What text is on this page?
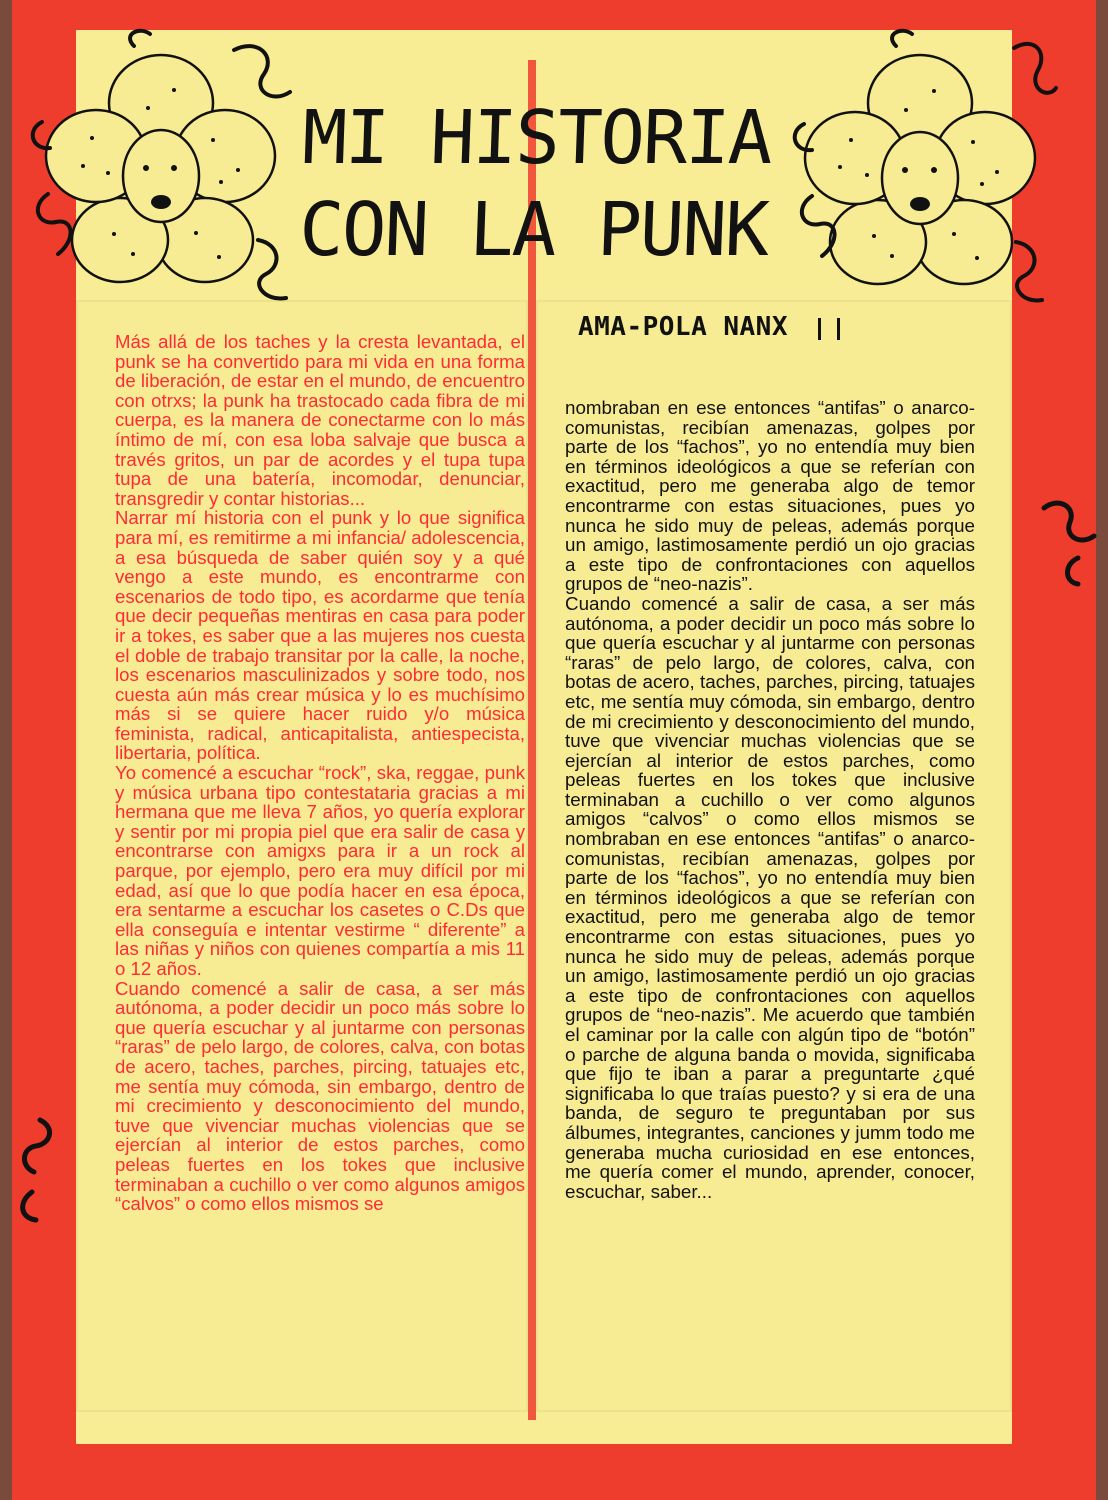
MI HISTORIA
CON LA PUNK
AMA-POLA NANX

Más allá de los taches y la cresta levantada, el punk se ha convertido para mi vida en una forma de liberación, de estar en el mundo, de encuentro con otrxs; la punk ha trastocado cada fibra de mi cuerpa, es la manera de conectarme con lo más íntimo de mí, con esa loba salvaje que busca a través gritos, un par de acordes y el tupa tupa tupa de una batería, incomodar, denunciar, transgredir y contar historias...

Narrar mí historia con el punk y lo que significa para mí, es remitirme a mi infancia/ adolescencia, a esa búsqueda de saber quién soy y a qué vengo a este mundo, es encontrarme con escenarios de todo tipo, es acordarme que tenía que decir pequeñas mentiras en casa para poder ir a tokes, es saber que a las mujeres nos cuesta el doble de trabajo transitar por la calle, la noche, los escenarios masculinizados y sobre todo, nos cuesta aún más crear música y lo es muchísimo más si se quiere hacer ruido y/o música feminista, radical, anticapitalista, antiespecista, libertaria, política.

Yo comencé a escuchar “rock”, ska, reggae, punk y música urbana tipo contestataria gracias a mi hermana que me lleva 7 años, yo quería explorar y sentir por mi propia piel que era salir de casa y encontrarse con amigxs para ir a un rock al parque, por ejemplo, pero era muy difícil por mi edad, así que lo que podía hacer en esa época, era sentarme a escuchar los casetes o C.Ds que ella conseguía e intentar vestirme “ diferente” a las niñas y niños con quienes compartía a mis 11 o 12 años.

Cuando comencé a salir de casa, a ser más autónoma, a poder decidir un poco más sobre lo que quería escuchar y al juntarme con personas “raras” de pelo largo, de colores, calva, con botas de acero, taches, parches, pircing, tatuajes etc, me sentía muy cómoda, sin embargo, dentro de mi crecimiento y desconocimiento del mundo, tuve que vivenciar muchas violencias que se ejercían al interior de estos parches, como peleas fuertes en los tokes que inclusive terminaban a cuchillo o ver como algunos amigos “calvos” o como ellos mismos se

nombraban en ese entonces “antifas” o anarco-comunistas, recibían amenazas, golpes por parte de los “fachos”, yo no entendía muy bien en términos ideológicos a que se referían con exactitud, pero me generaba algo de temor encontrarme con estas situaciones, pues yo nunca he sido muy de peleas, además porque un amigo, lastimosamente perdió un ojo gracias a este tipo de confrontaciones con aquellos grupos de “neo-nazis”.

Cuando comencé a salir de casa, a ser más autónoma, a poder decidir un poco más sobre lo que quería escuchar y al juntarme con personas “raras” de pelo largo, de colores, calva, con botas de acero, taches, parches, pircing, tatuajes etc, me sentía muy cómoda, sin embargo, dentro de mi crecimiento y desconocimiento del mundo, tuve que vivenciar muchas violencias que se ejercían al interior de estos parches, como peleas fuertes en los tokes que inclusive terminaban a cuchillo o ver como algunos amigos “calvos” o como ellos mismos se nombraban en ese entonces “antifas” o anarco-comunistas, recibían amenazas, golpes por parte de los “fachos”, yo no entendía muy bien en términos ideológicos a que se referían con exactitud, pero me generaba algo de temor encontrarme con estas situaciones, pues yo nunca he sido muy de peleas, además porque un amigo, lastimosamente perdió un ojo gracias a este tipo de confrontaciones con aquellos grupos de “neo-nazis”. Me acuerdo que también el caminar por la calle con algún tipo de “botón” o parche de alguna banda o movida, significaba que fijo te iban a parar a preguntarte ¿qué significaba lo que traías puesto? y si era de una banda, de seguro te preguntaban por sus álbumes, integrantes, canciones y jumm todo me generaba mucha curiosidad en ese entonces, me quería comer el mundo, aprender, conocer, escuchar, saber...
